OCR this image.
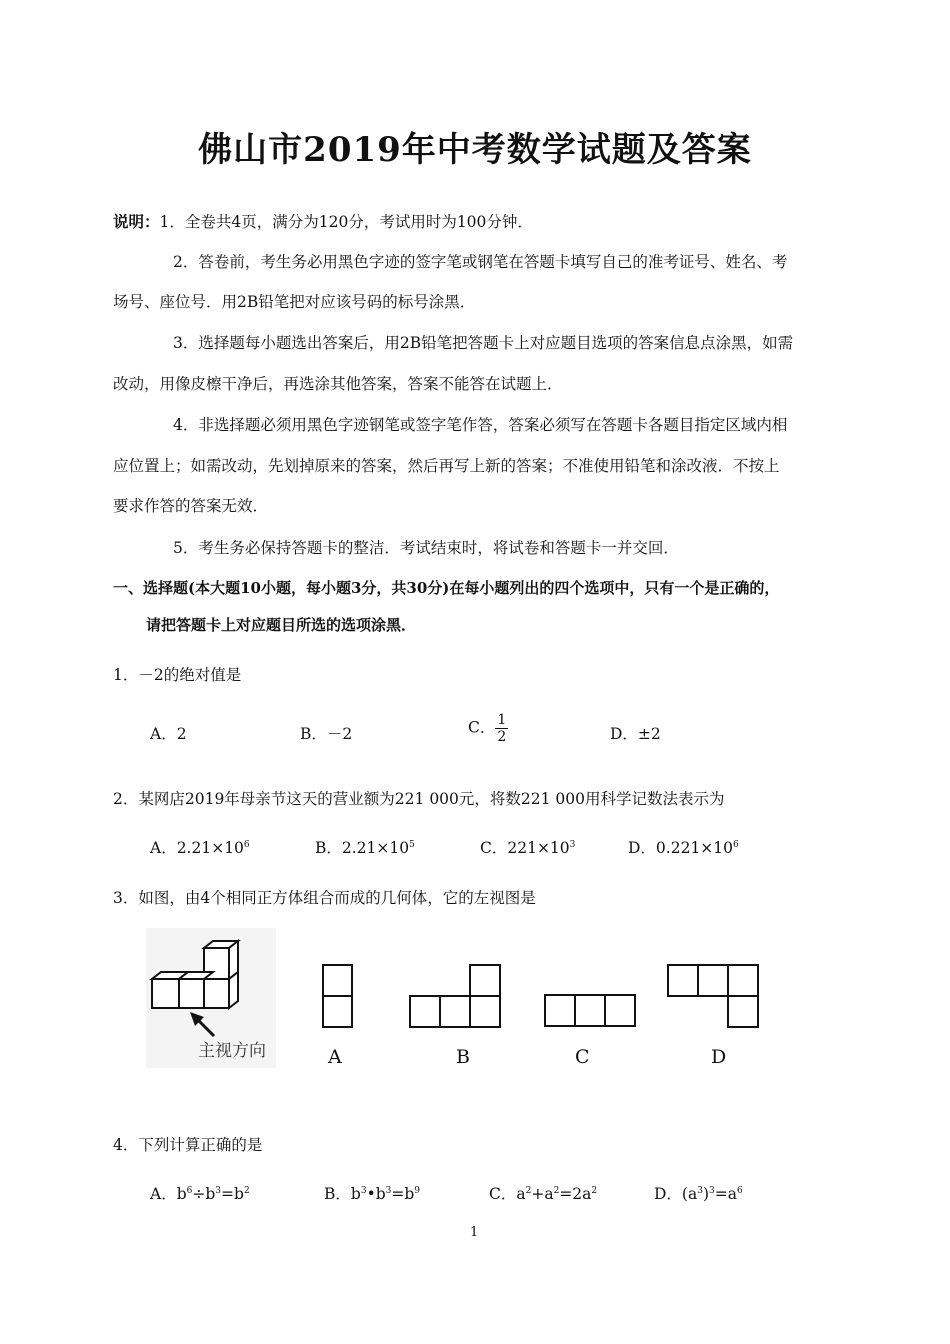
佛山市2019年中考数学试题及答案
说明：1．全卷共4页，满分为120分，考试用时为100分钟．
2．答卷前，考生务必用黑色字迹的签字笔或钢笔在答题卡填写自己的准考证号、姓名、考
场号、座位号．用2B铅笔把对应该号码的标号涂黑．
3．选择题每小题选出答案后，用2B铅笔把答题卡上对应题目选项的答案信息点涂黑，如需
改动，用像皮檫干净后，再选涂其他答案，答案不能答在试题上．
4．非选择题必须用黑色字迹钢笔或签字笔作答，答案必须写在答题卡各题目指定区域内相
应位置上；如需改动，先划掉原来的答案，然后再写上新的答案；不准使用铅笔和涂改液．不按上
要求作答的答案无效．
5．考生务必保持答题卡的整洁．考试结束时，将试卷和答题卡一并交回．
一、选择题(本大题10小题，每小题3分，共30分)在每小题列出的四个选项中，只有一个是正确的，
请把答题卡上对应题目所选的选项涂黑．
1．－2的绝对值是
A．2	B．－2	C． $\frac{1}{2}$	D．±2
2．某网店2019年母亲节这天的营业额为221 000元，将数221 000用科学记数法表示为
A．$2.21\times 10^6$	B．$2.21\times 10^5$	C．$221\times 10^3$	D．$0.221\times 10^6$
3．如图，由4个相同正方体组合而成的几何体，它的左视图是
主视方向	A	B	C	D
4．下列计算正确的是
A．$b^6\div b^3=b^2$	B．$b^3•b^3=b^9$	C．$a^2+a^2=2a^2$	D．$(a^3)^3=a^6$
1
